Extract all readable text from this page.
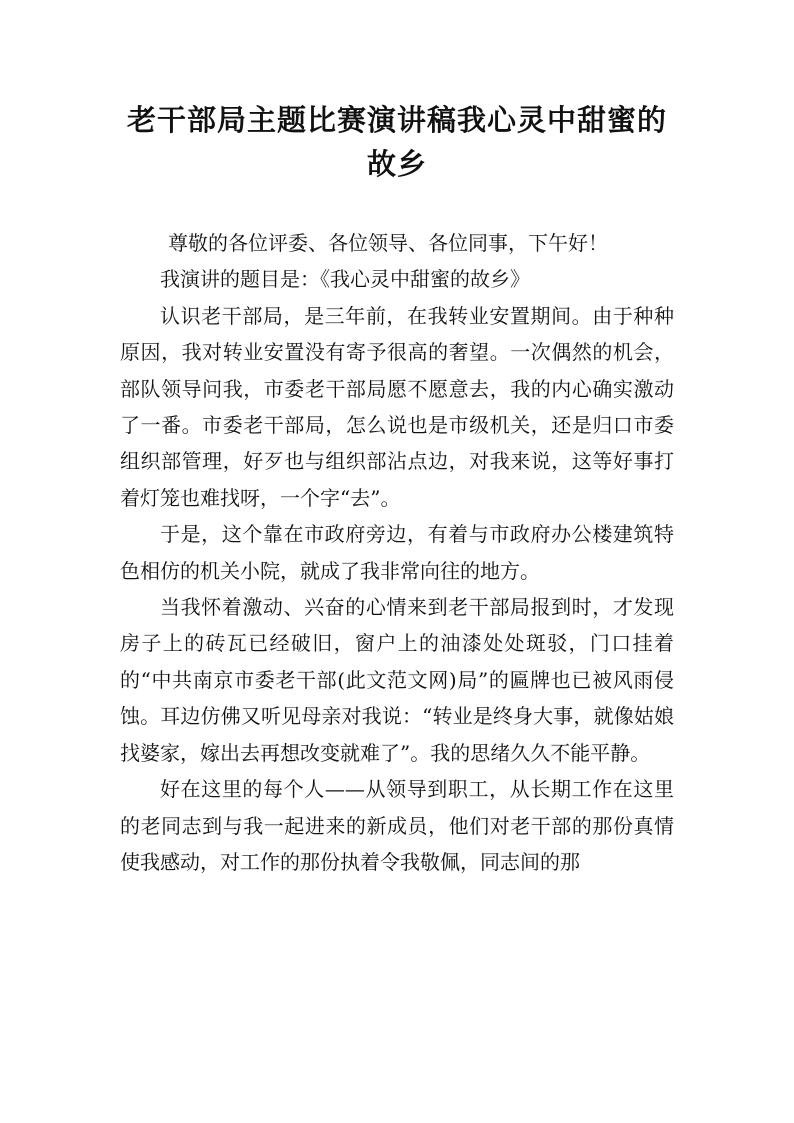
老干部局主题比赛演讲稿我心灵中甜蜜的
故乡

尊敬的各位评委、各位领导、各位同事，下午好！

我演讲的题目是：《我心灵中甜蜜的故乡》

认识老干部局，是三年前，在我转业安置期间。由于种种原因，我对转业安置没有寄予很高的奢望。一次偶然的机会，部队领导问我，市委老干部局愿不愿意去，我的内心确实激动了一番。市委老干部局，怎么说也是市级机关，还是归口市委组织部管理，好歹也与组织部沾点边，对我来说，这等好事打着灯笼也难找呀，一个字“去”。

于是，这个靠在市政府旁边，有着与市政府办公楼建筑特色相仿的机关小院，就成了我非常向往的地方。

当我怀着激动、兴奋的心情来到老干部局报到时，才发现房子上的砖瓦已经破旧，窗户上的油漆处处斑驳，门口挂着的“中共南京市委老干部(此文范文网)局”的匾牌也已被风雨侵蚀。耳边仿佛又听见母亲对我说：“转业是终身大事，就像姑娘找婆家，嫁出去再想改变就难了”。我的思绪久久不能平静。

好在这里的每个人——从领导到职工，从长期工作在这里的老同志到与我一起进来的新成员，他们对老干部的那份真情使我感动，对工作的那份执着令我敬佩，同志间的那
